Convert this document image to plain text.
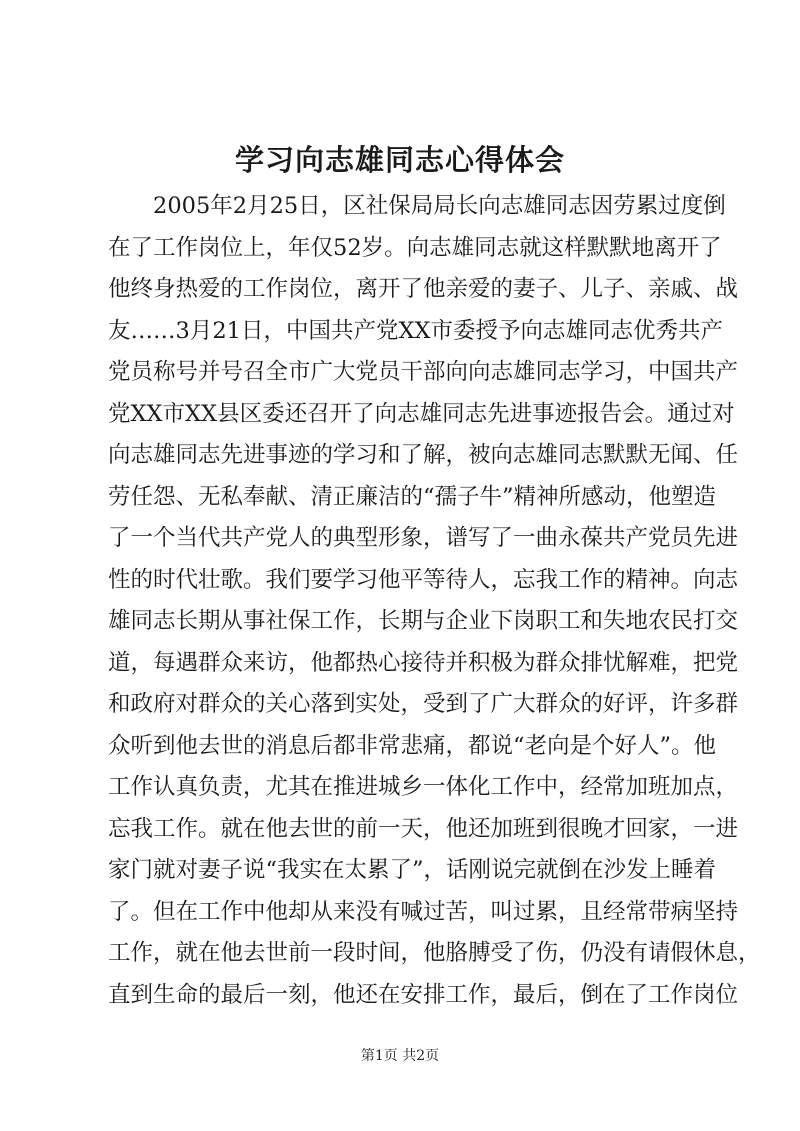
学习向志雄同志心得体会
2005年2月25日，区社保局局长向志雄同志因劳累过度倒
在了工作岗位上，年仅52岁。向志雄同志就这样默默地离开了
他终身热爱的工作岗位，离开了他亲爱的妻子、儿子、亲戚、战
友……3月21日，中国共产党XX市委授予向志雄同志优秀共产
党员称号并号召全市广大党员干部向向志雄同志学习，中国共产
党XX市XX县区委还召开了向志雄同志先进事迹报告会。通过对
向志雄同志先进事迹的学习和了解，被向志雄同志默默无闻、任
劳任怨、无私奉献、清正廉洁的“孺子牛”精神所感动，他塑造
了一个当代共产党人的典型形象，谱写了一曲永葆共产党员先进
性的时代壮歌。我们要学习他平等待人，忘我工作的精神。向志
雄同志长期从事社保工作，长期与企业下岗职工和失地农民打交
道，每遇群众来访，他都热心接待并积极为群众排忧解难，把党
和政府对群众的关心落到实处，受到了广大群众的好评，许多群
众听到他去世的消息后都非常悲痛，都说“老向是个好人”。他
工作认真负责，尤其在推进城乡一体化工作中，经常加班加点，
忘我工作。就在他去世的前一天，他还加班到很晚才回家，一进
家门就对妻子说“我实在太累了”，话刚说完就倒在沙发上睡着
了。但在工作中他却从来没有喊过苦，叫过累，且经常带病坚持
工作，就在他去世前一段时间，他胳膊受了伤，仍没有请假休息，
直到生命的最后一刻，他还在安排工作，最后，倒在了工作岗位
第1页 共2页
